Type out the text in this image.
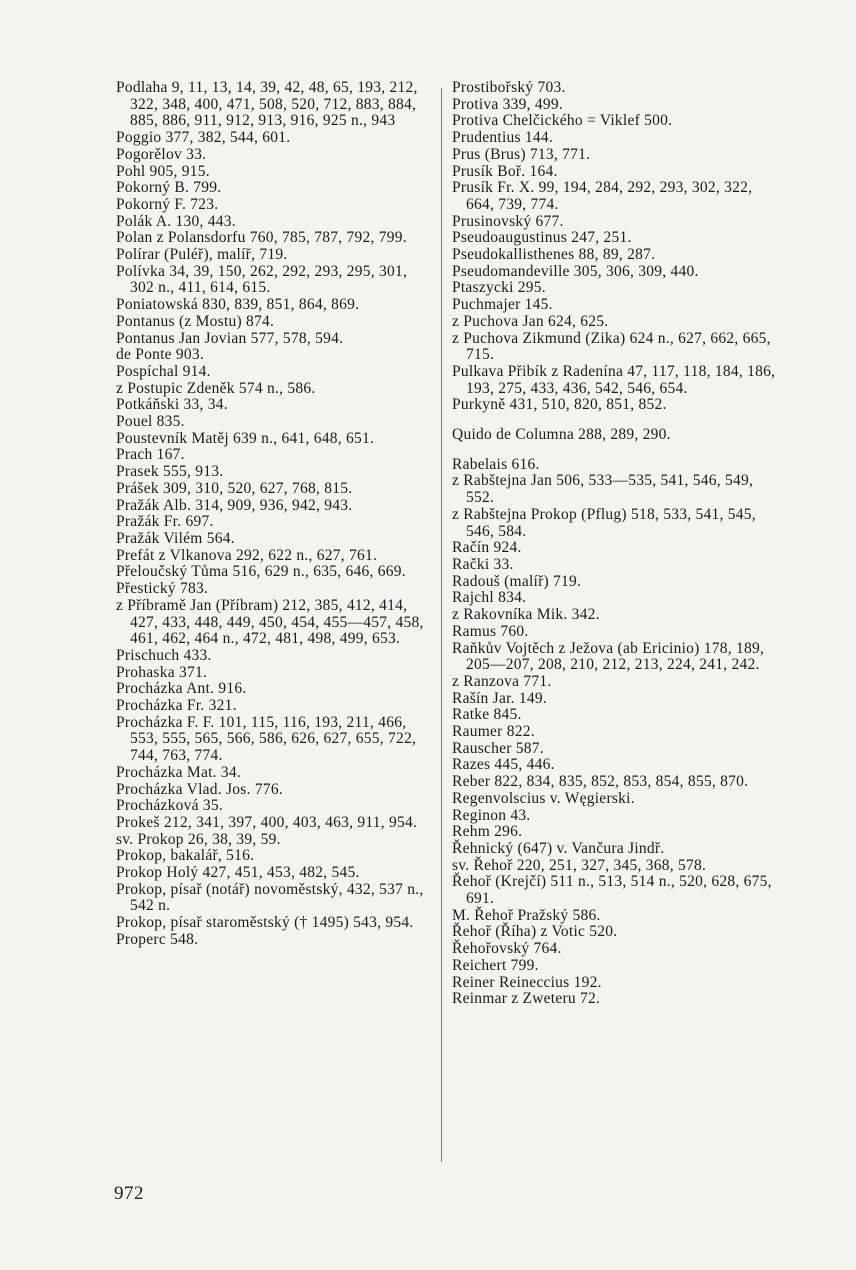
Podlaha 9, 11, 13, 14, 39, 42, 48, 65, 193, 212, 322, 348, 400, 471, 508, 520, 712, 883, 884, 885, 886, 911, 912, 913, 916, 925 n., 943
Poggio 377, 382, 544, 601.
Pogorělov 33.
Pohl 905, 915.
Pokorný B. 799.
Pokorný F. 723.
Polák A. 130, 443.
Polan z Polansdorfu 760, 785, 787, 792, 799.
Polírar (Puléř), malíř, 719.
Polívka 34, 39, 150, 262, 292, 293, 295, 301, 302 n., 411, 614, 615.
Poniatowská 830, 839, 851, 864, 869.
Pontanus (z Mostu) 874.
Pontanus Jan Jovian 577, 578, 594.
de Ponte 903.
Pospíchal 914.
z Postupic Zdeněk 574 n., 586.
Potkáňski 33, 34.
Pouel 835.
Poustevník Matěj 639 n., 641, 648, 651.
Prach 167.
Prasek 555, 913.
Prášek 309, 310, 520, 627, 768, 815.
Pražák Alb. 314, 909, 936, 942, 943.
Pražák Fr. 697.
Pražák Vilém 564.
Prefát z Vlkanova 292, 622 n., 627, 761.
Přeloučský Tůma 516, 629 n., 635, 646, 669.
Přestický 783.
z Příbramě Jan (Příbram) 212, 385, 412, 414, 427, 433, 448, 449, 450, 454, 455—457, 458, 461, 462, 464 n., 472, 481, 498, 499, 653.
Prischuch 433.
Prohaska 371.
Procházka Ant. 916.
Procházka Fr. 321.
Procházka F. F. 101, 115, 116, 193, 211, 466, 553, 555, 565, 566, 586, 626, 627, 655, 722, 744, 763, 774.
Procházka Mat. 34.
Procházka Vlad. Jos. 776.
Procházková 35.
Prokeš 212, 341, 397, 400, 403, 463, 911, 954.
sv. Prokop 26, 38, 39, 59.
Prokop, bakalář, 516.
Prokop Holý 427, 451, 453, 482, 545.
Prokop, písař (notář) novoměstský, 432, 537 n., 542 n.
Prokop, písař staroměstský († 1495) 543, 954.
Properc 548.
Prostibořský 703.
Protiva 339, 499.
Protiva Chelčického = Viklef 500.
Prudentius 144.
Prus (Brus) 713, 771.
Prusík Boř. 164.
Prusík Fr. X. 99, 194, 284, 292, 293, 302, 322, 664, 739, 774.
Prusinovský 677.
Pseudoaugustinus 247, 251.
Pseudokallisthenes 88, 89, 287.
Pseudomandeville 305, 306, 309, 440.
Ptaszycki 295.
Puchmajer 145.
z Puchova Jan 624, 625.
z Puchova Zikmund (Zika) 624 n., 627, 662, 665, 715.
Pulkava Přibík z Radenína 47, 117, 118, 184, 186, 193, 275, 433, 436, 542, 546, 654.
Purkyně 431, 510, 820, 851, 852.
Quido de Columna 288, 289, 290.
Rabelais 616.
z Rabštejna Jan 506, 533—535, 541, 546, 549, 552.
z Rabštejna Prokop (Pflug) 518, 533, 541, 545, 546, 584.
Račín 924.
Rački 33.
Radouš (malíř) 719.
Rajchl 834.
z Rakovníka Mik. 342.
Ramus 760.
Raňkův Vojtěch z Ježova (ab Ericinio) 178, 189, 205—207, 208, 210, 212, 213, 224, 241, 242.
z Ranzova 771.
Rašín Jar. 149.
Ratke 845.
Raumer 822.
Rauscher 587.
Razes 445, 446.
Reber 822, 834, 835, 852, 853, 854, 855, 870.
Regenvolscius v. Węgierski.
Reginon 43.
Rehm 296.
Řehnický (647) v. Vančura Jindř.
sv. Řehoř 220, 251, 327, 345, 368, 578.
Řehoř (Krejčí) 511 n., 513, 514 n., 520, 628, 675, 691.
M. Řehoř Pražský 586.
Řehoř (Říha) z Votic 520.
Řehořovský 764.
Reichert 799.
Reiner Reineccius 192.
Reinmar z Zweteru 72.
972
